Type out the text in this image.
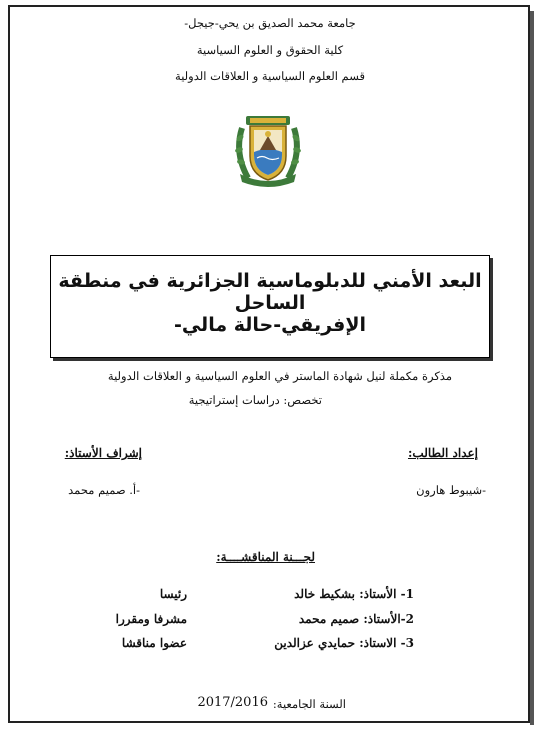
جامعة محمد الصديق بن يحي-جيجل-
كلية الحقوق و العلوم السياسية
قسم العلوم السياسية و العلاقات الدولية
البعد الأمني للدبلوماسية الجزائرية في منطقة الساحل
الإفريقي-حالة مالي-
مذكرة مكملة لنيل شهادة الماستر في العلوم السياسية و العلاقات الدولية
تخصص: دراسات إستراتيجية
إعداد الطالب:
-شيبوط هارون
إشراف الأستاذ:
-أ. صميم محمد
لجـــنة المناقشــــة:
1- الأستاذ: بشكيط خالد
رئيسا
2-الأستاذ: صميم محمد
مشرفا ومقررا
3- الاستاذ: حمايدي عزالدين
عضوا مناقشا
السنة الجامعية:
2017/2016
